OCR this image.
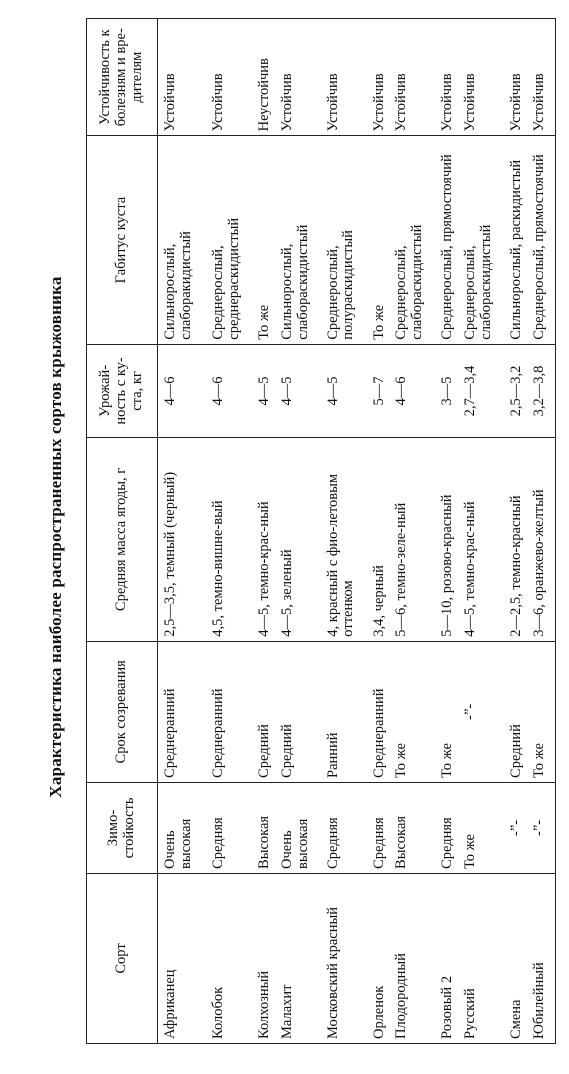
Характеристика наиболее распространенных сортов крыжовника
Сорт	Зимо-стойкость	Срок созревания	Средняя масса ягоды, г	Урожай-ность с ку-ста, кг	Габитус куста	Устойчивость к болезням и вре-дителям
Африканец	Очень высокая	Среднеранний	2,5—3,5, темный (черный)	4—6	Сильнорослый, слаборакидистый	Устойчив
Колобок	Средняя	Среднеранний	4,5, темно-вишне-вый	4—6	Среднерослый, среднераскидистый	Устойчив
Колхозный	Высокая	Средний	4—5, темно-крас-ный	4—5	То же	Неустойчив
Малахит	Очень высокая	Средний	4—5, зеленый	4—5	Сильнорослый, слабораскидистый	Устойчив
Московский красный	Средняя	Ранний	4, красный с фио-летовым оттенком	4—5	Среднерослый, полураскидистый	Устойчив
Орленок	Средняя	Среднеранний	3,4, черный	5—7	То же	Устойчив
Плодородный	Высокая	То же	5—6, темно-зеле-ный	4—6	Среднерослый, слабораскидистый	Устойчив
Розовый 2	Средняя	То же	5—10, розово-красный	3—5	Среднерослый, прямостоячий	Устойчив
Русский	То же	-”-	4—5, темно-крас-ный	2,7—3,4	Среднерослый, слабораскидистый	Устойчив
Смена	-”-	Средний	2—2,5, темно-красный	2,5—3,2	Сильнорослый, раскидистый	Устойчив
Юбилейный	-”-	То же	3—6, оранжево-желтый	3,2—3,8	Среднерослый, прямостоячий	Устойчив
